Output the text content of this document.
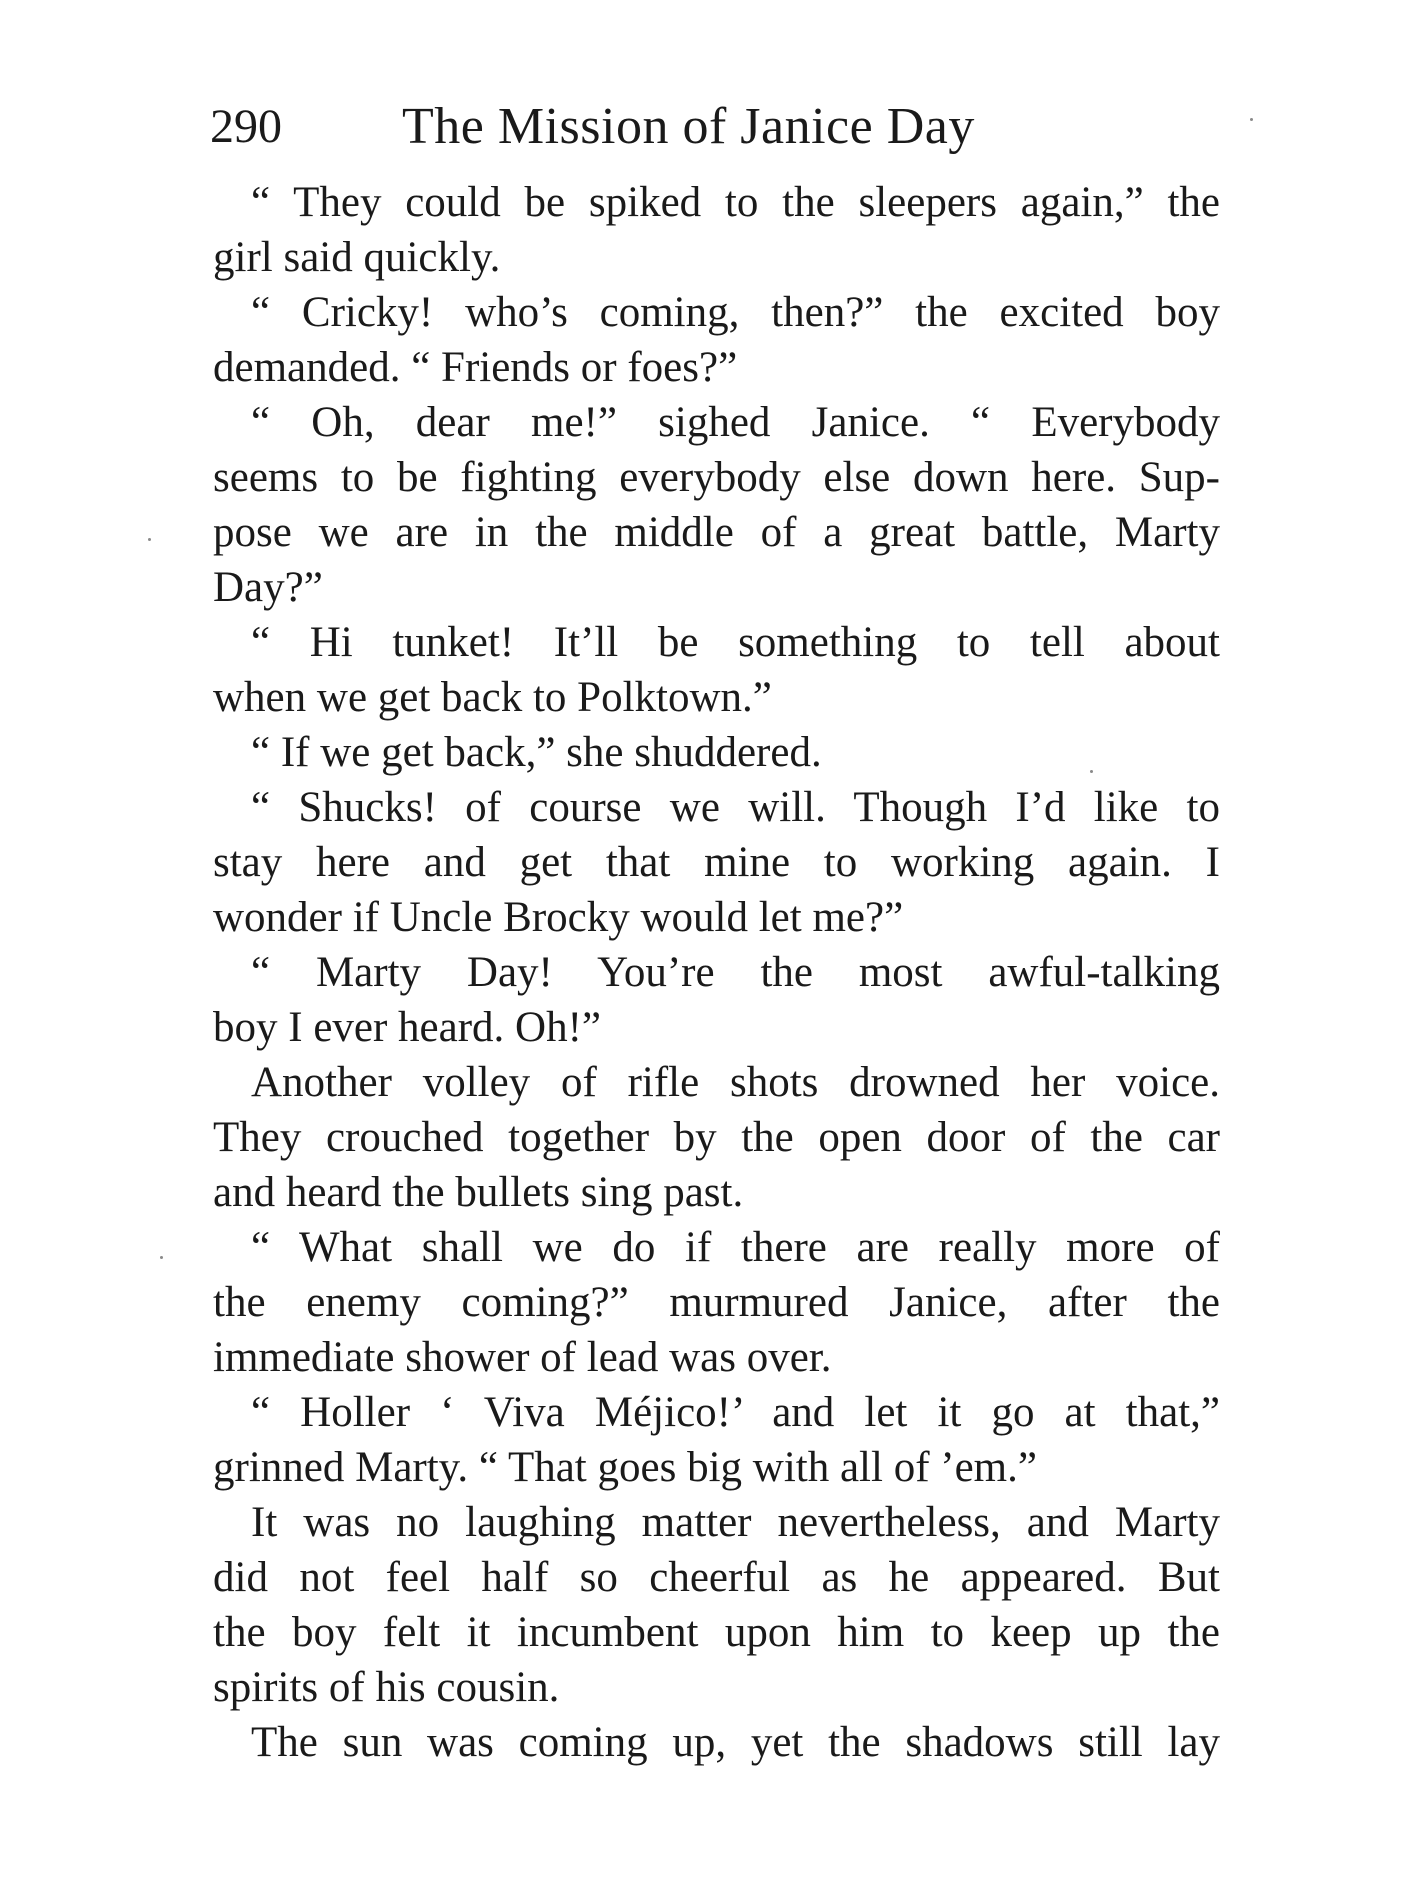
290 The Mission of Janice Day
“ They could be spiked to the sleepers again,” the
girl said quickly.
“ Cricky! who’s coming, then?” the excited boy
demanded. “ Friends or foes?”
“ Oh, dear me!” sighed Janice. “ Everybody
seems to be fighting everybody else down here. Sup-
pose we are in the middle of a great battle, Marty
Day?”
“ Hi tunket! It’ll be something to tell about
when we get back to Polktown.”
“ If we get back,” she shuddered.
“ Shucks! of course we will. Though I’d like to
stay here and get that mine to working again. I
wonder if Uncle Brocky would let me?”
“ Marty Day! You’re the most awful-talking
boy I ever heard. Oh!”
Another volley of rifle shots drowned her voice.
They crouched together by the open door of the car
and heard the bullets sing past.
“ What shall we do if there are really more of
the enemy coming?” murmured Janice, after the
immediate shower of lead was over.
“ Holler ‘ Viva Méjico!’ and let it go at that,”
grinned Marty. “ That goes big with all of ’em.”
It was no laughing matter nevertheless, and Marty
did not feel half so cheerful as he appeared. But
the boy felt it incumbent upon him to keep up the
spirits of his cousin.
The sun was coming up, yet the shadows still lay
